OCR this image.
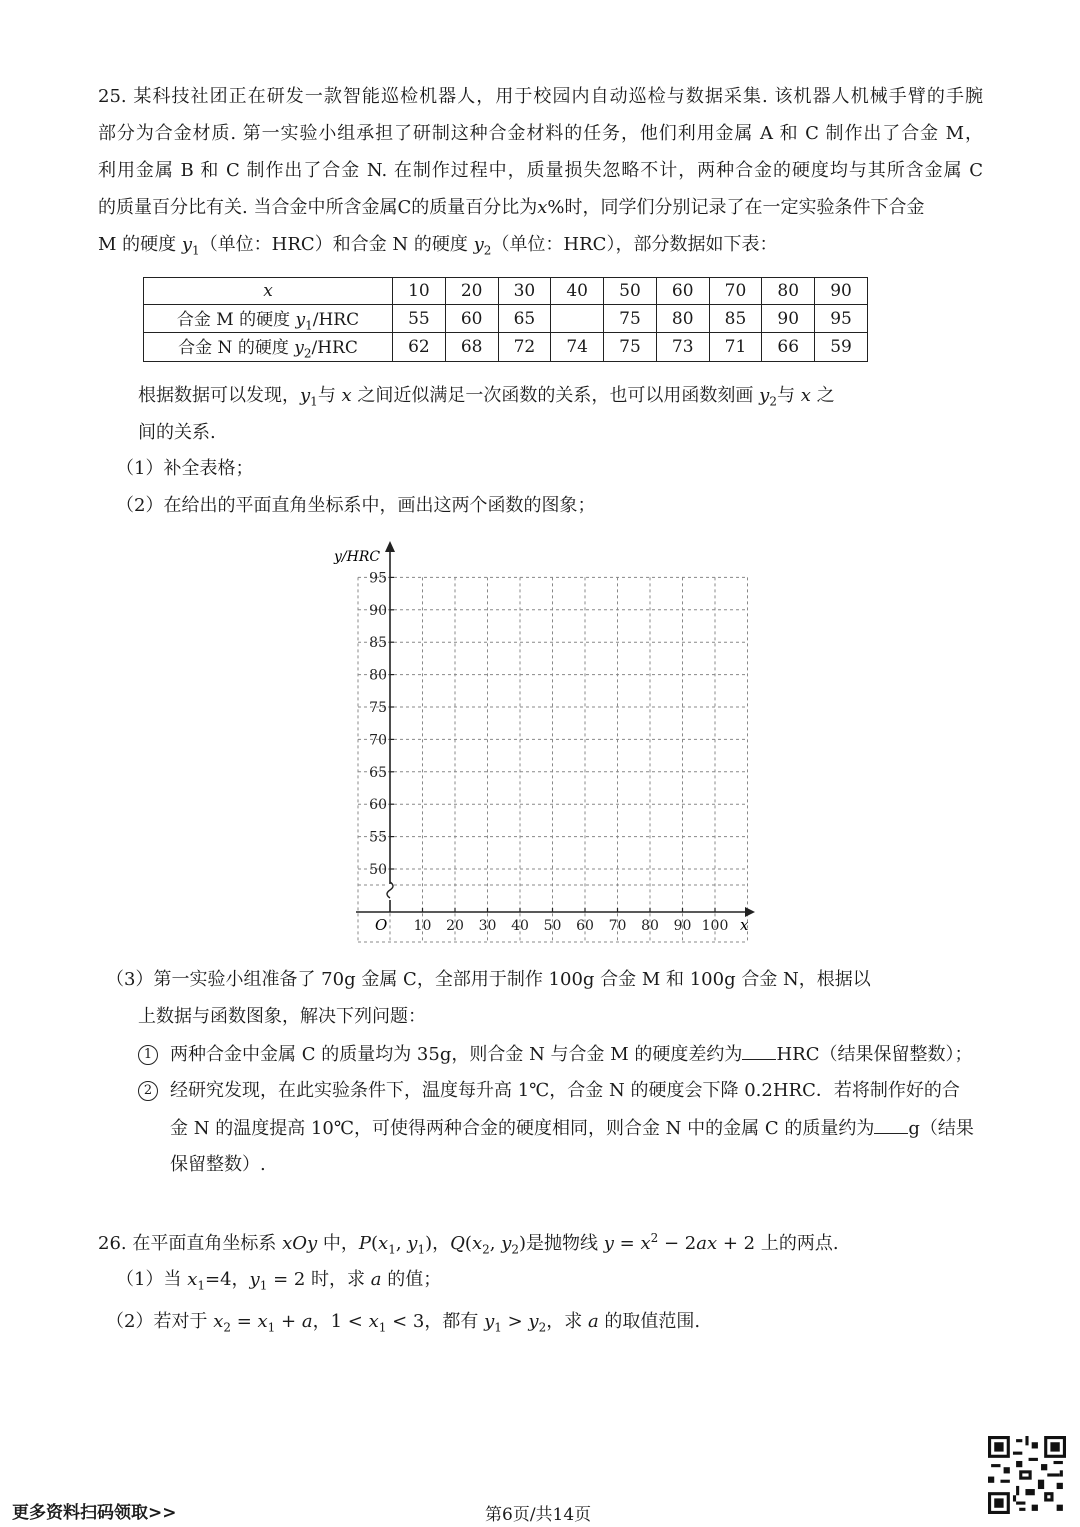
25. 某科技社团正在研发一款智能巡检机器人，用于校园内自动巡检与数据采集. 该机器人机械手臂的手腕
部分为合金材质. 第一实验小组承担了研制这种合金材料的任务，他们利用金属 A 和 C 制作出了合金 M，
利用金属 B 和 C 制作出了合金 N. 在制作过程中，质量损失忽略不计，两种合金的硬度均与其所含金属 C
的质量百分比有关. 当合金中所含金属C的质量百分比为x%时，同学们分别记录了在一定实验条件下合金
M 的硬度 $y_1$（单位：HRC）和合金 N 的硬度 $y_2$（单位：HRC），部分数据如下表：
x	10	20	30	40	50	60	70	80	90
合金 M 的硬度 $y_1$/HRC	55	60	65		75	80	85	90	95
合金 N 的硬度 $y_2$/HRC	62	68	72	74	75	73	71	66	59
根据数据可以发现，$y_1$与 x 之间近似满足一次函数的关系，也可以用函数刻画 $y_2$与 x 之
间的关系.
（1）补全表格；
（2）在给出的平面直角坐标系中，画出这两个函数的图象；
10 20 30 40 50 60 70 80 90 100
50
55
60
65
70
75
80
85
90
95
y/HRC
x
O
（3）第一实验小组准备了 70g 金属 C，全部用于制作 100g 合金 M 和 100g 合金 N，根据以
上数据与函数图象，解决下列问题：
1 两种合金中金属 C 的质量均为 35g，则合金 N 与合金 M 的硬度差约为 HRC（结果保留整数）；
2 经研究发现，在此实验条件下，温度每升高 1℃，合金 N 的硬度会下降 0.2HRC．若将制作好的合
金 N 的温度提高 10℃，可使得两种合金的硬度相同，则合金 N 中的金属 C 的质量约为 g（结果
保留整数）.
26. 在平面直角坐标系 xOy 中，$P(x_1$, $y_1$)，$Q(x_2$, $y_2$)是抛物线 $y = x^2 - 2ax + 2$ 上的两点.
（1）当 $x_1=4$，$y_1 = 2$ 时，求 a 的值；
（2）若对于 $x_2 = x_1 + a$，$1 < x_1 < 3$，都有 $y_1 > y_2$，求 a 的取值范围.
更多资料扫码领取>>	第6页/共14页
